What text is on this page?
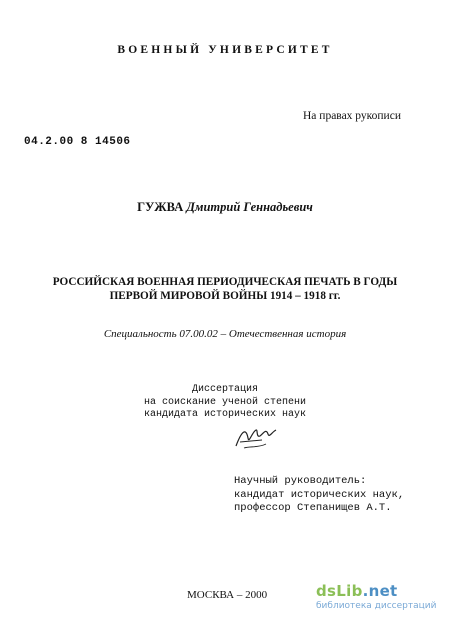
ВОЕННЫЙ УНИВЕРСИТЕТ
На правах рукописи
04.2.00 8 14506
ГУЖВА Дмитрий Геннадьевич
РОССИЙСКАЯ ВОЕННАЯ ПЕРИОДИЧЕСКАЯ ПЕЧАТЬ В ГОДЫ
ПЕРВОЙ МИРОВОЙ ВОЙНЫ 1914 – 1918 гг.
Специальность 07.00.02 – Отечественная история
Диссертация
на соискание ученой степени
кандидата исторических наук
Научный руководитель:
кандидат исторических наук,
профессор Степанищев А.Т.
МОСКВА – 2000	dsLib.net
библиотека диссертаций
